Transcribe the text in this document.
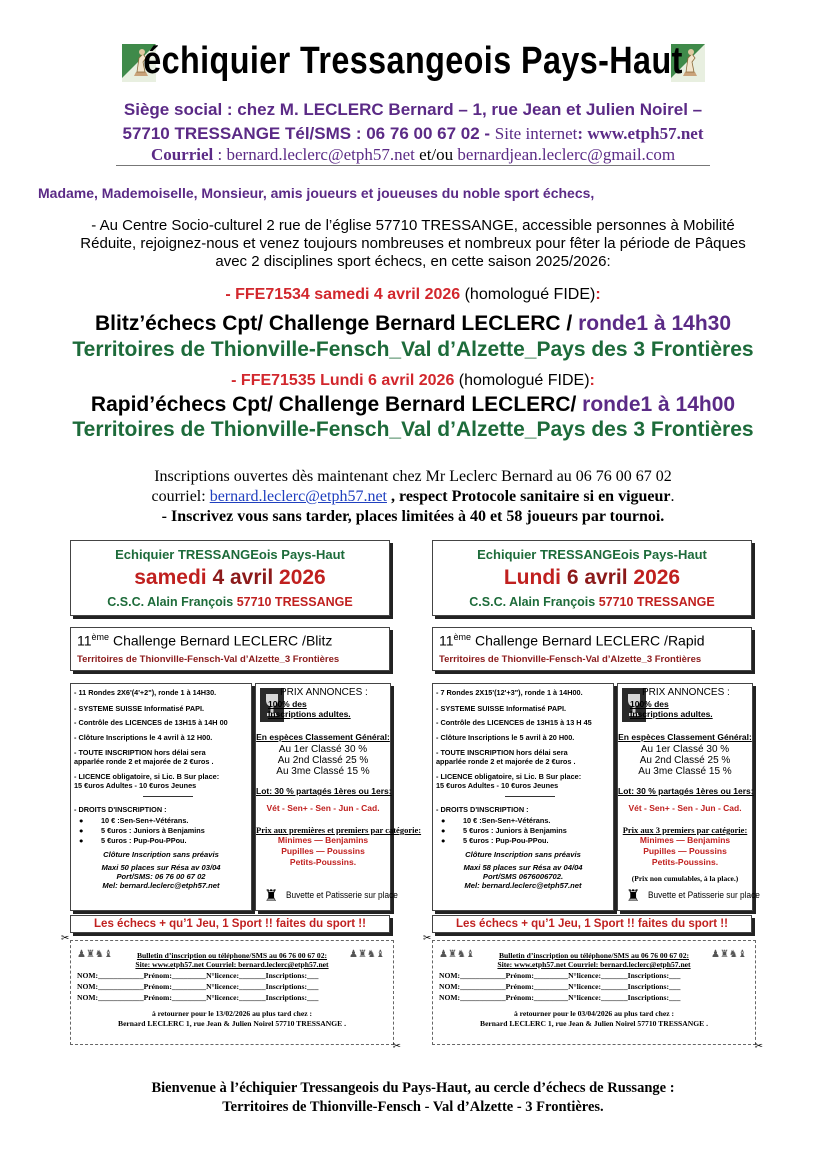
échiquier Tressangeois Pays-Haut
Siège social : chez M. LECLERC Bernard – 1, rue Jean et Julien Noirel –
57710 TRESSANGE Tél/SMS : 06 76 00 67 02 - Site internet: www.etph57.net
Courriel : bernard.leclerc@etph57.net et/ou bernardjean.leclerc@gmail.com
Madame, Mademoiselle, Monsieur, amis joueurs et joueuses du noble sport échecs,
- Au Centre Socio-culturel 2 rue de l’église 57710 TRESSANGE, accessible personnes à Mobilité
Réduite, rejoignez-nous et venez toujours nombreuses et nombreux pour fêter la période de Pâques
avec 2 disciplines sport échecs, en cette saison 2025/2026:
- FFE71534 samedi 4 avril 2026 (homologué FIDE):
Blitz’échecs Cpt/ Challenge Bernard LECLERC / ronde1 à 14h30
Territoires de Thionville-Fensch_Val d’Alzette_Pays des 3 Frontières
- FFE71535 Lundi 6 avril 2026 (homologué FIDE):
Rapid’échecs Cpt/ Challenge Bernard LECLERC/ ronde1 à 14h00
Territoires de Thionville-Fensch_Val d’Alzette_Pays des 3 Frontières
Inscriptions ouvertes dès maintenant chez Mr Leclerc Bernard au 06 76 00 67 02
courriel: bernard.leclerc@etph57.net , respect Protocole sanitaire si en vigueur.
- Inscrivez vous sans tarder, places limitées à 40 et 58 joueurs par tournoi.
Echiquier TRESSANGEois Pays-Haut
samedi 4 avril 2026
C.S.C. Alain François 57710 TRESSANGE
11ème Challenge Bernard LECLERC /Blitz
Territoires de Thionville-Fensch-Val d’Alzette_3 Frontières
- 11 Rondes 2X6'(4'+2"), ronde 1 à 14H30.
- SYSTEME SUISSE Informatisé PAPI.
- Contrôle des LICENCES de 13H15 à 14H 00
- Clôture Inscriptions le 4 avril à 12 H00.
- TOUTE INSCRIPTION hors délai sera
apparlée ronde 2 et majorée de 2 €uros .
- LICENCE obligatoire, si Lic. B Sur place:
15 €uros Adultes - 10 €uros Jeunes
- DROITS D'INSCRIPTION :
10 € :Sen-Sen+-Vétérans.
●
5 €uros : Juniors à Benjamins
●
5 €uros : Pup-Pou-PPou.
●
Clôture Inscription sans préavis
Maxi 50 places sur Résa av 03/04
Port/SMS: 06 76 00 67 02
Mel: bernard.leclerc@etph57.net
PRIX ANNONCES :
100% des
Inscriptions adultes.
En espèces Classement Général:
Au 1er Classé 30 %
Au 2nd Classé 25 %
Au 3me Classé 15 %
Lot: 30 % partagés 1ères ou 1ers:
Vét - Sen+ - Sen - Jun - Cad.
Prix aux premières et premiers par catégorie:
Minimes — Benjamins
Pupilles — Poussins
Petits-Poussins.
♜ Buvette et Patisserie sur place
Les échecs + qu’1 Jeu, 1 Sport !! faites du sport !!
✂
✂
♟♜♞♝	♟♜♞♝
Bulletin d’inscription ou téléphone/SMS au 06 76 00 67 02:
Site: www.etph57.net Courriel: bernard.leclerc@etph57.net
NOM:____________Prénom:_________N°licence:_______Inscriptions:___
NOM:____________Prénom:_________N°licence:_______Inscriptions:___
NOM:____________Prénom:_________N°licence:_______Inscriptions:___
à retourner pour le 13/02/2026 au plus tard chez :
Bernard LECLERC 1, rue Jean & Julien Noirel 57710 TRESSANGE .
Echiquier TRESSANGEois Pays-Haut
Lundi 6 avril 2026
C.S.C. Alain François 57710 TRESSANGE
11ème Challenge Bernard LECLERC /Rapid
Territoires de Thionville-Fensch-Val d’Alzette_3 Frontières
- 7 Rondes 2X15'(12'+3"), ronde 1 à 14H00.
- SYSTEME SUISSE Informatisé PAPI.
- Contrôle des LICENCES de 13H15 à 13 H 45
- Clôture Inscriptions le 5 avril à 20 H00.
- TOUTE INSCRIPTION hors délai sera
apparlée ronde 2 et majorée de 2 €uros .
- LICENCE obligatoire, si Lic. B Sur place:
15 €uros Adultes - 10 €uros Jeunes
- DROITS D'INSCRIPTION :
10 € :Sen-Sen+-Vétérans.
●
5 €uros : Juniors à Benjamins
●
5 €uros : Pup-Pou-PPou.
●
Clôture Inscription sans préavis
Maxi 58 places sur Résa av 04/04
Port/SMS 0676006702.
Mel: bernard.leclerc@etph57.net
PRIX ANNONCES :
100% des
Inscriptions adultes.
En espèces Classement Général:
Au 1er Classé 30 %
Au 2nd Classé 25 %
Au 3me Classé 15 %
Lot: 30 % partagés 1ères ou 1ers:
Vét - Sen+ - Sen - Jun - Cad.
Prix aux 3 premiers par catégorie:
Minimes — Benjamins
Pupilles — Poussins
Petits-Poussins.
(Prix non cumulables, à la place.)
♜ Buvette et Patisserie sur place
Les échecs + qu’1 Jeu, 1 Sport !! faites du sport !!
✂
✂
♟♜♞♝	♟♜♞♝
Bulletin d’inscription ou téléphone/SMS au 06 76 00 67 02:
Site: www.etph57.net Courriel: bernard.leclerc@etph57.net
NOM:____________Prénom:_________N°licence:_______Inscriptions:___
NOM:____________Prénom:_________N°licence:_______Inscriptions:___
NOM:____________Prénom:_________N°licence:_______Inscriptions:___
à retourner pour le 03/04/2026 au plus tard chez :
Bernard LECLERC 1, rue Jean & Julien Noirel 57710 TRESSANGE .
Bienvenue à l’échiquier Tressangeois du Pays-Haut, au cercle d’échecs de Russange :
Territoires de Thionville-Fensch - Val d’Alzette - 3 Frontières.
